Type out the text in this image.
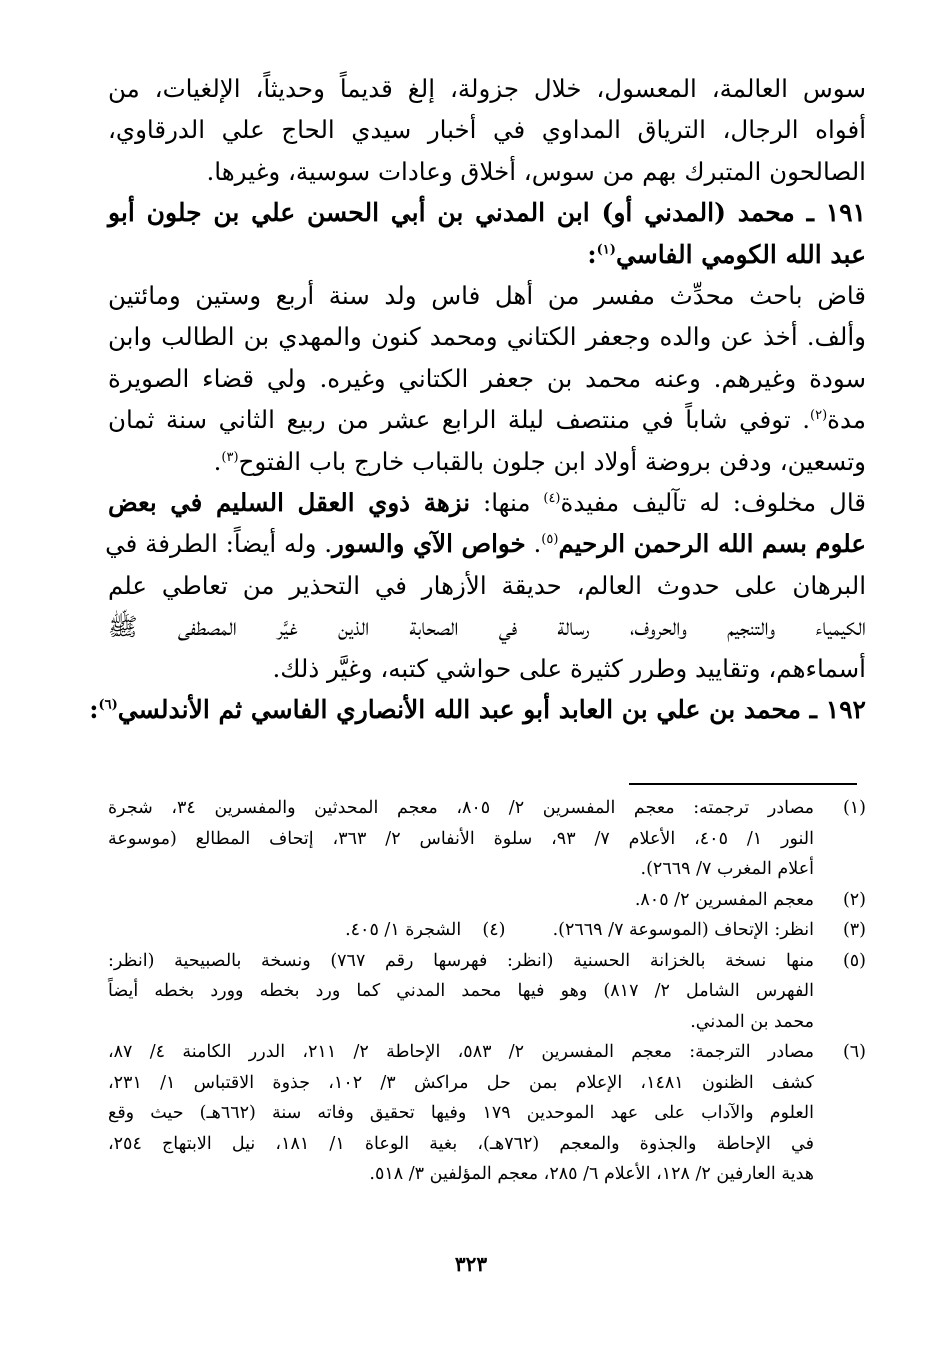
سوس العالمة، المعسول، خلال جزولة، إلغ قديماً وحديثاً، الإلغيات، من

أفواه الرجال، الترياق المداوي في أخبار سيدي الحاج علي الدرقاوي،

الصالحون المتبرك بهم من سوس، أخلاق وعادات سوسية، وغيرها.

١٩١ ـ محمد (المدني أو) ابن المدني بن أبي الحسن علي بن جلون أبو

عبد الله الكومي الفاسي$^{(١)}$:

قاض باحث محدِّث مفسر من أهل فاس ولد سنة أربع وستين ومائتين

وألف. أخذ عن والده وجعفر الكتاني ومحمد كنون والمهدي بن الطالب وابن

سودة وغيرهم. وعنه محمد بن جعفر الكتاني وغيره. ولي قضاء الصويرة

مدة$^{(٢)}$. توفي شاباً في منتصف ليلة الرابع عشر من ربيع الثاني سنة ثمان

وتسعين، ودفن بروضة أولاد ابن جلون بالقباب خارج باب الفتوح$^{(٣)}$.

قال مخلوف: له تآليف مفيدة$^{(٤)}$ منها: نزهة ذوي العقل السليم في بعض

علوم بسم الله الرحمن الرحيم$^{(٥)}$. خواص الآي والسور. وله أيضاً: الطرفة في

البرهان على حدوث العالم، حديقة الأزهار في التحذير من تعاطي علم

الكيمياء والتنجيم والحروف، رسالة في الصحابة الذين غيَّر المصطفى ﷺ

أسماءهم، وتقاييد وطرر كثيرة على حواشي كتبه، وغيَّر ذلك.

١٩٢ ـ محمد بن علي بن العابد أبو عبد الله الأنصاري الفاسي ثم الأندلسي$^{(٦)}$:

(١)
مصادر ترجمته: معجم المفسرين ٢/ ٨٠٥، معجم المحدثين والمفسرين ٣٤، شجرة
النور ١/ ٤٠٥، الأعلام ٧/ ٩٣، سلوة الأنفاس ٢/ ٣٦٣، إتحاف المطالع (موسوعة
أعلام المغرب ٧/ ٢٦٦٩).
(٢)
معجم المفسرين ٢/ ٨٠٥.
(٣)
انظر: الإتحاف (الموسوعة ٧/ ٢٦٦٩).  (٤)  الشجرة ١/ ٤٠٥.
(٥)
منها نسخة بالخزانة الحسنية (انظر: فهرسها رقم ٧٦٧) ونسخة بالصبيحية (انظر:
الفهرس الشامل ٢/ ٨١٧) وهو فيها محمد المدني كما ورد بخطه وورد بخطه أيضاً
محمد بن المدني.
(٦)
مصادر الترجمة: معجم المفسرين ٢/ ٥٨٣، الإحاطة ٢/ ٢١١، الدرر الكامنة ٤/ ٨٧،
كشف الظنون ١٤٨١، الإعلام بمن حل مراكش ٣/ ١٠٢، جذوة الاقتباس ١/ ٢٣١،
العلوم والآداب على عهد الموحدين ١٧٩ وفيها تحقيق وفاته سنة (٦٦٢هـ) حيث وقع
في الإحاطة والجذوة والمعجم (٧٦٢هـ)، بغية الوعاة ١/ ١٨١، نيل الابتهاج ٢٥٤،
هدية العارفين ٢/ ١٢٨، الأعلام ٦/ ٢٨٥، معجم المؤلفين ٣/ ٥١٨.
٣٢٣
